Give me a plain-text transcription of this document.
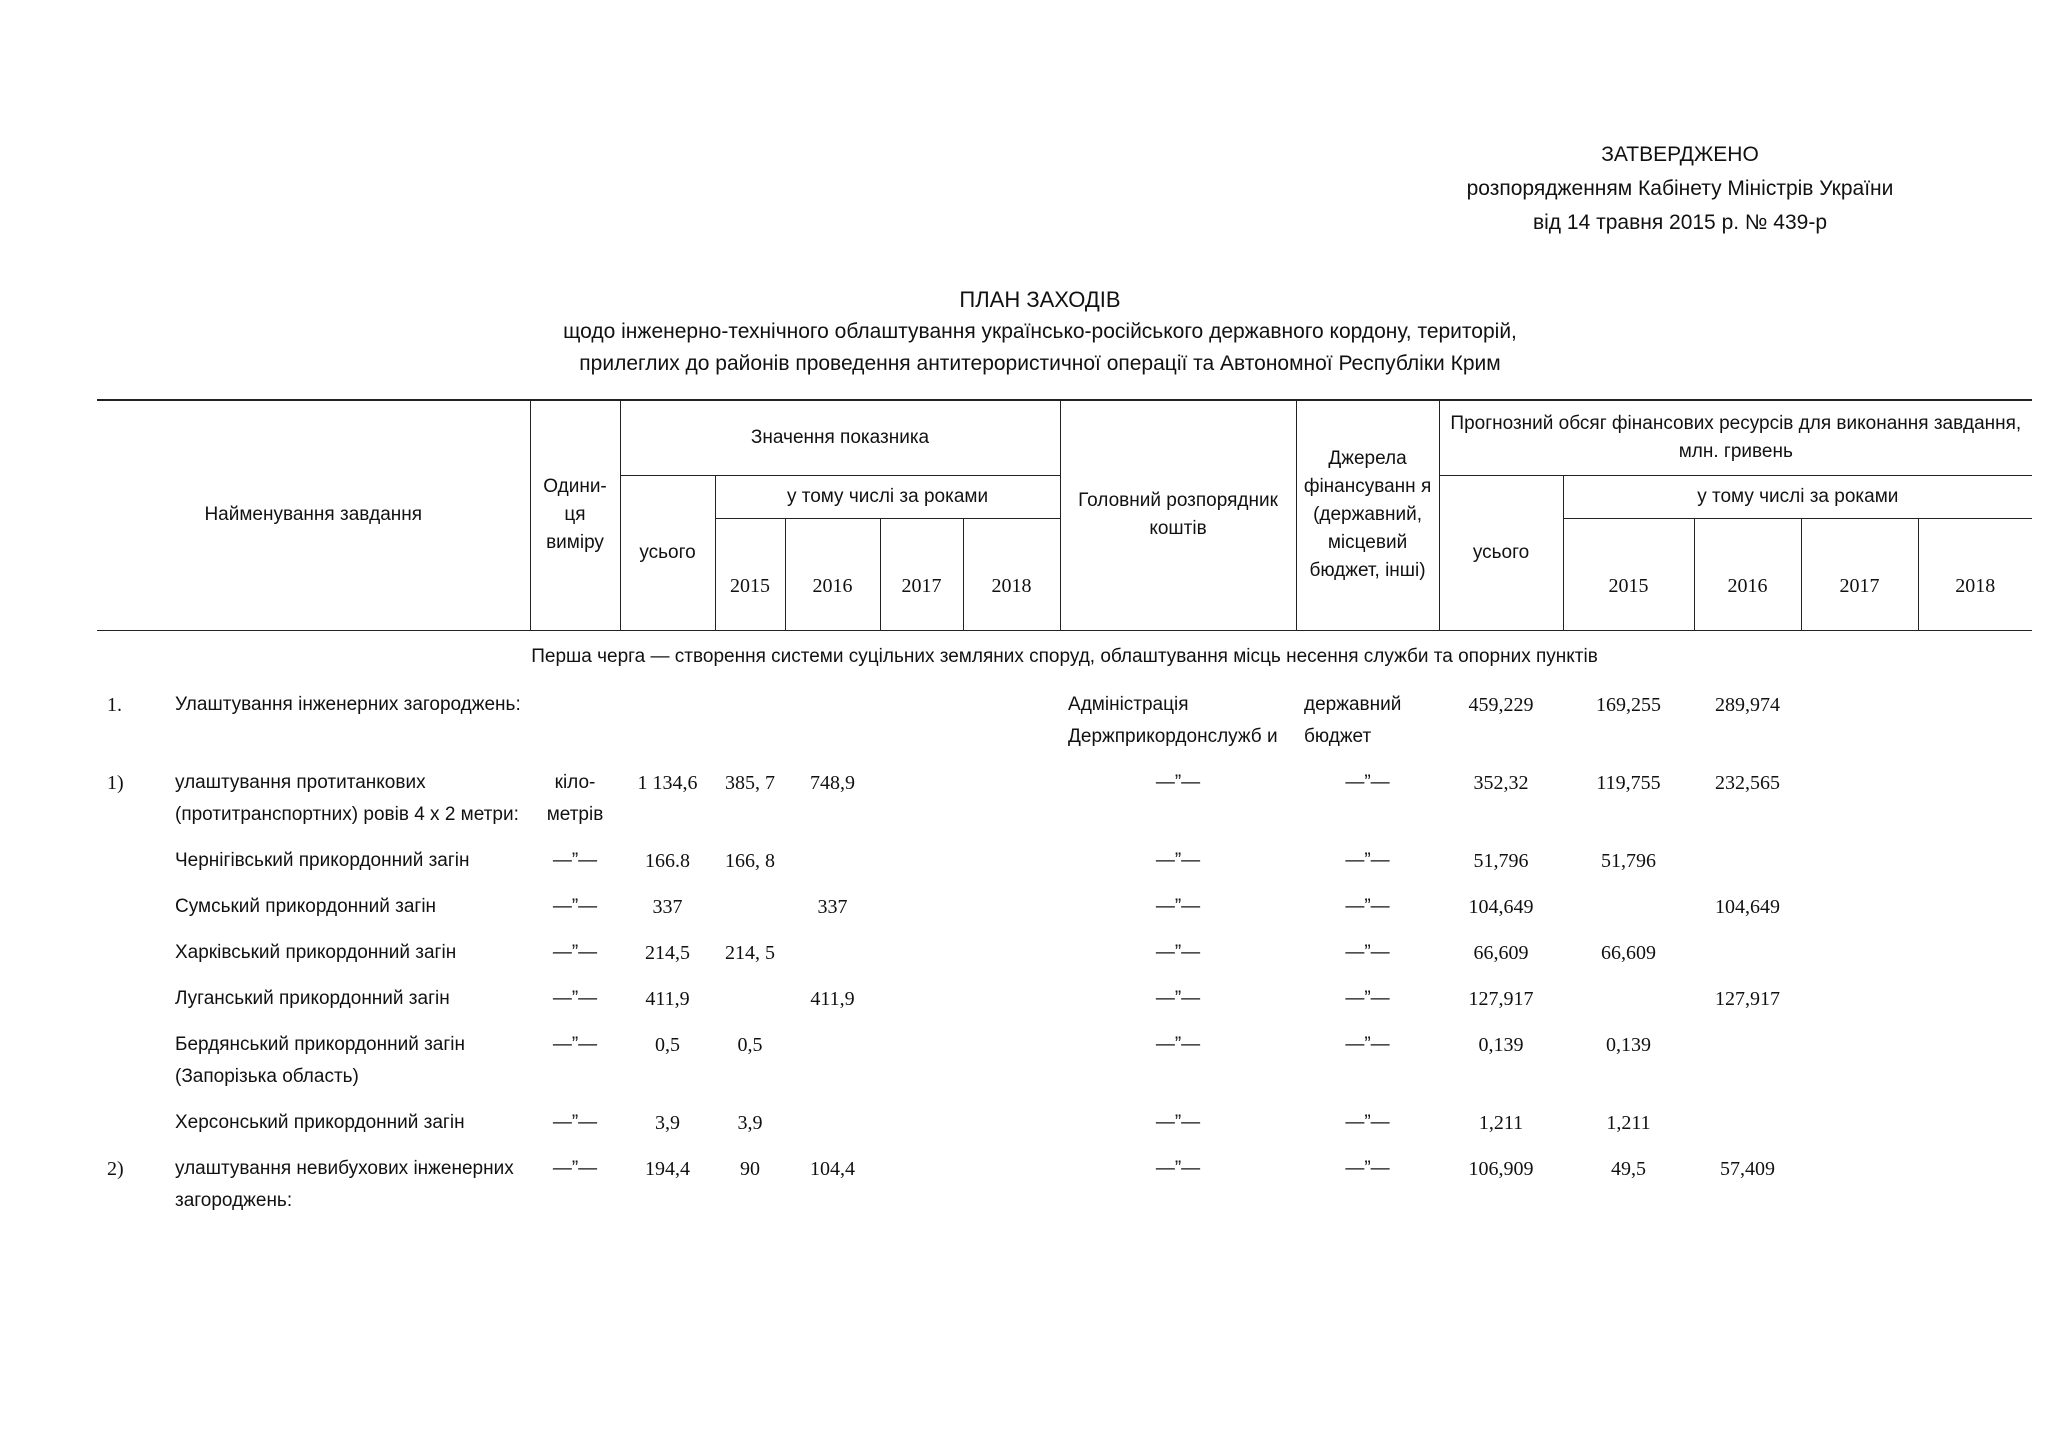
ЗАТВЕРДЖЕНО
розпорядженням Кабінету Міністрів України
від 14 травня 2015 р. № 439-р
ПЛАН ЗАХОДІВ
щодо інженерно-технічного облаштування українсько-російського державного кордону, територій,
прилеглих до районів проведення антитерористичної операції та Автономної Республіки Крим
Найменування завдання		Одини-ця виміру	Значення показника					Головний розпорядник коштів	Джерела фінансуванн я (державний, місцевий бюджет, інші)	Прогнозний обсяг фінансових ресурсів для виконання завдання, млн. гривень				
			усього	у тому числі за роками						усього	у тому числі за роками			
				2015	2016	2017	2018				2015	2016	2017	2018
Перша черга — створення системи суцільних земляних споруд, облаштування місць несення служби та опорних пунктів														
1.	Улаштування інженерних загороджень:							Адміністрація Держприкордонслужб и	державний бюджет	459,229	169,255	289,974		
1)	улаштування протитанкових (протитранспортних) ровів 4 х 2 метри:	кіло-метрів	1 134,6	385, 7	748,9			—”—	—”—	352,32	119,755	232,565		
	Чернігівський прикордонний загін	—”—	166.8	166, 8				—”—	—”—	51,796	51,796			
	Сумський прикордонний загін	—”—	337		337			—”—	—”—	104,649		104,649		
	Харківський прикордонний загін	—”—	214,5	214, 5				—”—	—”—	66,609	66,609			
	Луганський прикордонний загін	—”—	411,9		411,9			—”—	—”—	127,917		127,917		
	Бердянський прикордонний загін (Запорізька область)	—”—	0,5	0,5				—”—	—”—	0,139	0,139			
	Херсонський прикордонний загін	—”—	3,9	3,9				—”—	—”—	1,211	1,211			
2)	улаштування невибухових інженерних загороджень:	—”—	194,4	90	104,4			—”—	—”—	106,909	49,5	57,409		
